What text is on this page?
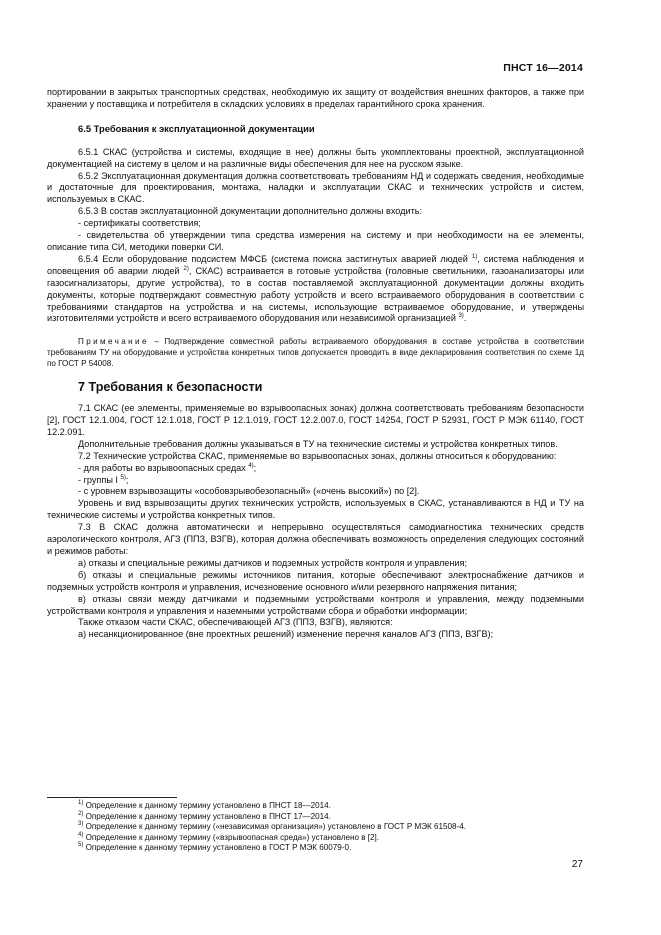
ПНСТ 16—2014

портировании в закрытых транспортных средствах, необходимую их защиту от воздействия внешних факторов, а также при хранении у поставщика и потребителя в складских условиях в пределах гарантийного срока хранения.

6.5 Требования к эксплуатационной документации

6.5.1 СКАС (устройства и системы, входящие в нее) должны быть укомплектованы проектной, эксплуатационной документацией на систему в целом и на различные виды обеспечения для нее на русском языке.

6.5.2 Эксплуатационная документация должна соответствовать требованиям НД и содержать сведения, необходимые и достаточные для проектирования, монтажа, наладки и эксплуатации СКАС и технических устройств и систем, используемых в СКАС.

6.5.3 В состав эксплуатационной документации дополнительно должны входить:

- сертификаты соответствия;

- свидетельства об утверждении типа средства измерения на систему и при необходимости на ее элементы, описание типа СИ, методики поверки СИ.

6.5.4 Если оборудование подсистем МФСБ (система поиска застигнутых аварией людей $^{1)}$, система наблюдения и оповещения об аварии людей $^{2)}$, СКАС) встраивается в готовые устройства (головные светильники, газоанализаторы или газосигнализаторы, другие устройства), то в состав поставляемой эксплуатационной документации должны входить документы, которые подтверждают совместную работу устройств и всего встраиваемого оборудования в соответствии с требованиями стандартов на устройства и на системы, использующие встраиваемое оборудование, и утверждены изготовителями устройств и всего встраиваемого оборудования или независимой организацией $^{3)}$.

Примечание – Подтверждение совместной работы встраиваемого оборудования в составе устройства в соответствии требованиям ТУ на оборудование и устройства конкретных типов допускается проводить в виде декларирования соответствия по схеме 1д по ГОСТ Р 54008.

7 Требования к безопасности

7.1 СКАС (ее элементы, применяемые во взрывоопасных зонах) должна соответствовать требованиям безопасности [2], ГОСТ 12.1.004, ГОСТ 12.1.018, ГОСТ Р 12.1.019, ГОСТ 12.2.007.0, ГОСТ 14254, ГОСТ Р 52931, ГОСТ Р МЭК 61140, ГОСТ 12.2.091.

Дополнительные требования должны указываться в ТУ на технические системы и устройства конкретных типов.

7.2 Технические устройства СКАС, применяемые во взрывоопасных зонах, должны относиться к оборудованию:

- для работы во взрывоопасных средах $^{4)}$;

- группы I $^{5)}$;

- с уровнем взрывозащиты «особовзрывобезопасный» («очень высокий») по [2].

Уровень и вид взрывозащиты других технических устройств, используемых в СКАС, устанавливаются в НД и ТУ на технические системы и устройства конкретных типов.

7.3 В СКАС должна автоматически и непрерывно осуществляться самодиагностика технических средств аэрологического контроля, АГЗ (ППЗ, ВЗГВ), которая должна обеспечивать возможность определения следующих состояний и режимов работы:

а) отказы и специальные режимы датчиков и подземных устройств контроля и управления;

б) отказы и специальные режимы источников питания, которые обеспечивают электроснабжение датчиков и подземных устройств контроля и управления, исчезновение основного и/или резервного напряжения питания;

в) отказы связи между датчиками и подземными устройствами контроля и управления, между подземными устройствами контроля и управления и наземными устройствами сбора и обработки информации;

Также отказом части СКАС, обеспечивающей АГЗ (ППЗ, ВЗГВ), являются:

а) несанкционированное (вне проектных решений) изменение перечня каналов АГЗ (ППЗ, ВЗГВ);

$^{1)}$ Определение к данному термину установлено в ПНСТ 18—2014.

$^{2)}$ Определение к данному термину установлено в ПНСТ 17—2014.

$^{3)}$ Определение к данному термину («независимая организация») установлено в ГОСТ Р МЭК 61508-4.

$^{4)}$ Определение к данному термину («взрывоопасная среда») установлено в [2].

$^{5)}$ Определение к данному термину установлено в ГОСТ Р МЭК 60079-0.

27
